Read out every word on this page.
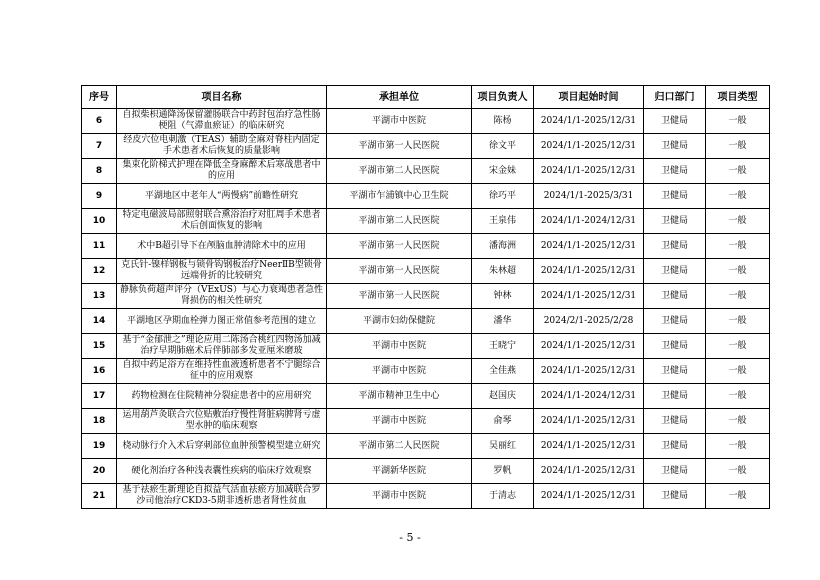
序号	项目名称	承担单位	项目负责人	项目起始时间	归口部门	项目类型
6	自拟柴枳通降汤保留灌肠联合中药封包治疗急性肠梗阻（气滞血瘀证）的临床研究	平湖市中医院	陈杨	2024/1/1-2025/12/31	卫健局	一般
7	经皮穴位电刺激（TEAS）辅助全麻对脊柱内固定手术患者术后恢复的质量影响	平湖市第一人民医院	徐文平	2024/1/1-2025/12/31	卫健局	一般
8	集束化阶梯式护理在降低全身麻醉术后寒战患者中的应用	平湖市第二人民医院	宋金妹	2024/1/1-2025/12/31	卫健局	一般
9	平湖地区中老年人“两慢病”前瞻性研究	平湖市乍浦镇中心卫生院	徐巧平	2024/1/1-2025/3/31	卫健局	一般
10	特定电磁波局部照射联合熏浴治疗对肛周手术患者术后创面恢复的影响	平湖市第二人民医院	王泉伟	2024/1/1-2024/12/31	卫健局	一般
11	术中B超引导下在颅脑血肿清除术中的应用	平湖市第一人民医院	潘海洲	2024/1/1-2025/12/31	卫健局	一般
12	克氏针-镍样钢板与锁骨钩钢板治疗NeerⅡB型锁骨远端骨折的比较研究	平湖市第一人民医院	朱林超	2024/1/1-2025/12/31	卫健局	一般
13	静脉负荷超声评分（VExUS）与心力衰竭患者急性肾损伤的相关性研究	平湖市第一人民医院	钟林	2024/1/1-2025/12/31	卫健局	一般
14	平湖地区孕期血栓弹力图正常值参考范围的建立	平湖市妇幼保健院	潘华	2024/2/1-2025/2/28	卫健局	一般
15	基于“金郁泄之”理论应用二陈汤合桃红四物汤加减治疗早期肺癌术后伴肺部多发亚厘米磨玻	平湖市中医院	王晓宁	2024/1/1-2025/12/31	卫健局	一般
16	自拟中药足浴方在维持性血液透析患者不宁腿综合征中的应用观察	平湖市中医院	全佳燕	2024/1/1-2025/12/31	卫健局	一般
17	药物检测在住院精神分裂症患者中的应用研究	平湖市精神卫生中心	赵国庆	2024/1/1-2024/12/31	卫健局	一般
18	运用葫芦灸联合穴位贴敷治疗慢性肾脏病脾肾亏虚型水肿的临床观察	平湖市中医院	俞琴	2024/1/1-2025/12/31	卫健局	一般
19	桡动脉行介入术后穿刺部位血肿预警模型建立研究	平湖市第二人民医院	吴丽红	2024/1/1-2025/12/31	卫健局	一般
20	硬化剂治疗各种浅表囊性疾病的临床疗效观察	平湖新华医院	罗帆	2024/1/1-2025/12/31	卫健局	一般
21	基于祛瘀生新理论自拟益气活血祛瘀方加减联合罗沙司他治疗CKD3-5期非透析患者肾性贫血	平湖市中医院	于清志	2024/1/1-2025/12/31	卫健局	一般
- 5 -
